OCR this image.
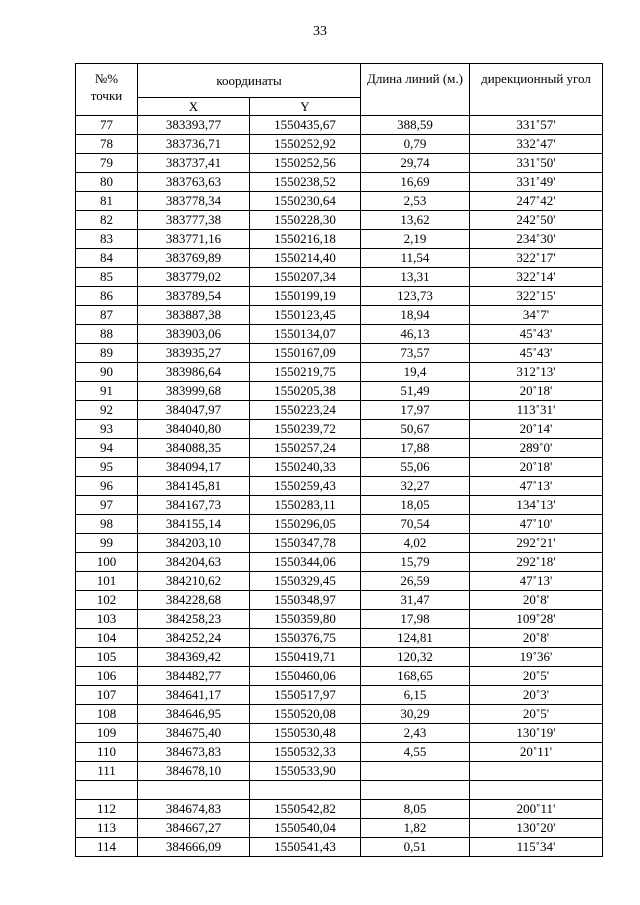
33
№% точки	координаты		Длина линий (м.)	дирекционный угол
	X	Y		
77	383393,77	1550435,67	388,59	331˚57'
78	383736,71	1550252,92	0,79	332˚47'
79	383737,41	1550252,56	29,74	331˚50'
80	383763,63	1550238,52	16,69	331˚49'
81	383778,34	1550230,64	2,53	247˚42'
82	383777,38	1550228,30	13,62	242˚50'
83	383771,16	1550216,18	2,19	234˚30'
84	383769,89	1550214,40	11,54	322˚17'
85	383779,02	1550207,34	13,31	322˚14'
86	383789,54	1550199,19	123,73	322˚15'
87	383887,38	1550123,45	18,94	34˚7'
88	383903,06	1550134,07	46,13	45˚43'
89	383935,27	1550167,09	73,57	45˚43'
90	383986,64	1550219,75	19,4	312˚13'
91	383999,68	1550205,38	51,49	20˚18'
92	384047,97	1550223,24	17,97	113˚31'
93	384040,80	1550239,72	50,67	20˚14'
94	384088,35	1550257,24	17,88	289˚0'
95	384094,17	1550240,33	55,06	20˚18'
96	384145,81	1550259,43	32,27	47˚13'
97	384167,73	1550283,11	18,05	134˚13'
98	384155,14	1550296,05	70,54	47˚10'
99	384203,10	1550347,78	4,02	292˚21'
100	384204,63	1550344,06	15,79	292˚18'
101	384210,62	1550329,45	26,59	47˚13'
102	384228,68	1550348,97	31,47	20˚8'
103	384258,23	1550359,80	17,98	109˚28'
104	384252,24	1550376,75	124,81	20˚8'
105	384369,42	1550419,71	120,32	19˚36'
106	384482,77	1550460,06	168,65	20˚5'
107	384641,17	1550517,97	6,15	20˚3'
108	384646,95	1550520,08	30,29	20˚5'
109	384675,40	1550530,48	2,43	130˚19'
110	384673,83	1550532,33	4,55	20˚11'
111	384678,10	1550533,90		

112	384674,83	1550542,82	8,05	200˚11'
113	384667,27	1550540,04	1,82	130˚20'
114	384666,09	1550541,43	0,51	115˚34'
